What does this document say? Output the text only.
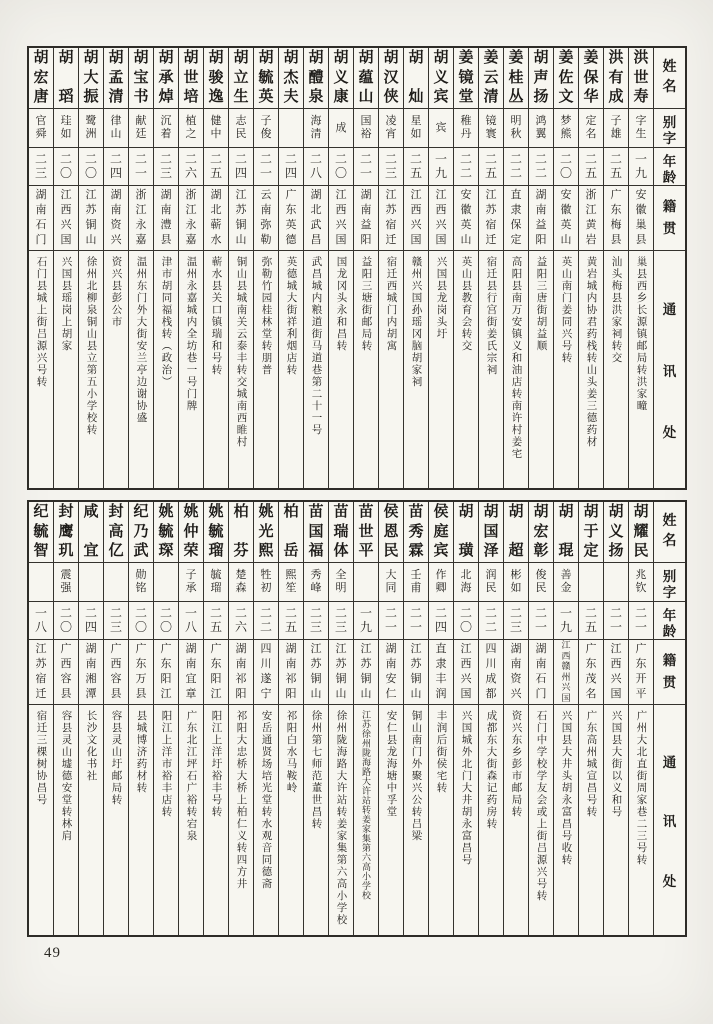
姓
名
别
字
年
龄
籍
贯
通
讯
处
洪
世
寿
字
生
一
九
安
徽
巢
县
巢县西乡长源镇邮局转洪家疃
洪
有
成
子
雄
二
五
广
东
梅
县
汕头梅县洪家祠转交
姜
保
华
定
名
二
五
浙
江
黄
岩
黄岩城内协君药栈转山头姜三德药材
姜
佐
文
梦
熊
二
〇
安
徽
英
山
英山南门姜同兴号转
胡
声
扬
鸿
翼
二
二
湖
南
益
阳
益阳三唐街胡益顺
姜
桂
丛
明
秋
二
二
直
隶
保
定
高阳县南万安镇义和油店转南许村姜宅
姜
云
清
镜
寰
二
五
江
苏
宿
迁
宿迁县行宫街姜氏宗祠
姜
镜
堂
稚
丹
二
二
安
徽
英
山
英山县教育会转交
胡
义
宾
宾
一
九
江
西
兴
国
兴国县龙岗头圩
胡
灿
星
如
二
五
江
西
兴
国
赣州兴国孙瑶冈脑胡家祠
胡
汉
侠
凌
宵
二
三
江
苏
宿
迁
宿迁西城门内胡寓
胡
蕴
山
国
裕
二
一
湖
南
益
阳
益阳三塘街邮局转
胡
义
康
成
二
〇
江
西
兴
国
国龙冈头永和昌转
胡
醴
泉
海
清
二
八
湖
北
武
昌
武昌城内粮道街马道巷第二十一号
胡
杰
夫
二
四
广
东
英
德
英德城大街祥利烟店转
胡
毓
英
子
俊
二
一
云
南
弥
勒
弥勒竹园桂林堂转朋普
胡
立
生
志
民
二
四
江
苏
铜
山
铜山县城南关云泰丰转交城南西睢村
胡
骏
逸
健
中
二
五
湖
北
蕲
水
蕲水县关口镇瑞和号转
胡
世
培
植
之
二
六
浙
江
永
嘉
温州永嘉城内全坊巷一号门牌
胡
承
焯
沉
着
二
三
湖
南
澧
县
津市胡同福栈转（政治）
胡
宝
书
献
廷
二
一
浙
江
永
嘉
温州东门外大街安兰亭边谢协盛
胡
孟
清
律
山
二
四
湖
南
资
兴
资兴县彭公市
胡
大
振
鹭
洲
二
〇
江
苏
铜
山
徐州北柳泉铜山县立第五小学校转
胡
瑫
珪
如
二
〇
江
西
兴
国
兴国县瑶岗上胡家
胡
宏
唐
官
舜
二
三
湖
南
石
门
石门县城上街吕源兴号转
姓
名
别
字
年
龄
籍
贯
通
讯
处
胡
耀
民
兆
钦
二
一
广
东
开
平
广州大北直街周家巷二三号转
胡
义
扬
二
一
江
西
兴
国
兴国县大街以义和号
胡
于
定
二
五
广
东
茂
名
广东高州城宣昌号转
胡
琨
善
金
一
九
江
西
赣
州
兴
国
兴国县大井头胡永富昌号收转
胡
宏
彰
俊
民
二
一
湖
南
石
门
石门中学校学友会或上街吕源兴号转
胡
超
彬
如
二
三
湖
南
资
兴
资兴东乡彭市邮局转
胡
国
泽
润
民
二
二
四
川
成
都
成都东大街森记药房转
胡
璜
北
海
二
〇
江
西
兴
国
兴国城外北门大井胡永富昌号
侯
庭
宾
作
卿
二
四
直
隶
丰
润
丰润后街侯宅转
苗
秀
霖
壬
甫
二
一
江
苏
铜
山
铜山南门外聚兴公转吕梁
侯
恩
民
大
同
二
一
湖
南
安
仁
安仁县龙海塘中孚堂
苗
世
平
一
九
江
苏
铜
山
江苏徐州陇海路大许站转姜家集第六高小学校
苗
瑞
体
全
明
二
三
江
苏
铜
山
徐州陇海路大许站转姜家集第六高小学校
苗
国
福
秀
峰
二
三
江
苏
铜
山
徐州第七师范董世昌转
柏
岳
熙
笙
二
五
湖
南
祁
阳
祁阳白水马鞍岭
姚
光
熙
牲
初
二
二
四
川
遂
宁
安岳通贤场培光堂转水观音同德斋
柏
芬
楚
森
二
六
湖
南
祁
阳
祁阳大忠桥大桥上柏仁义转四方井
姚
毓
瑠
毓
瑠
二
五
广
东
阳
江
阳江上洋圩裕丰号转
姚
仲
荣
子
承
一
八
湖
南
宜
章
广东北江坪石广裕转宕泉
姚
毓
琛
二
〇
广
东
阳
江
阳江上洋市裕丰店转
纪
乃
武
勋
铭
二
〇
广
东
万
县
县城博济药材转
封
高
亿
二
三
广
西
容
县
容县灵山圩邮局转
咸
宜
二
四
湖
南
湘
潭
长沙文化书社
封
鹰
玑
震
强
二
〇
广
西
容
县
容县灵山墟德安堂转林肩
纪
毓
智
一
八
江
苏
宿
迁
宿迁三棵树协昌号
49
